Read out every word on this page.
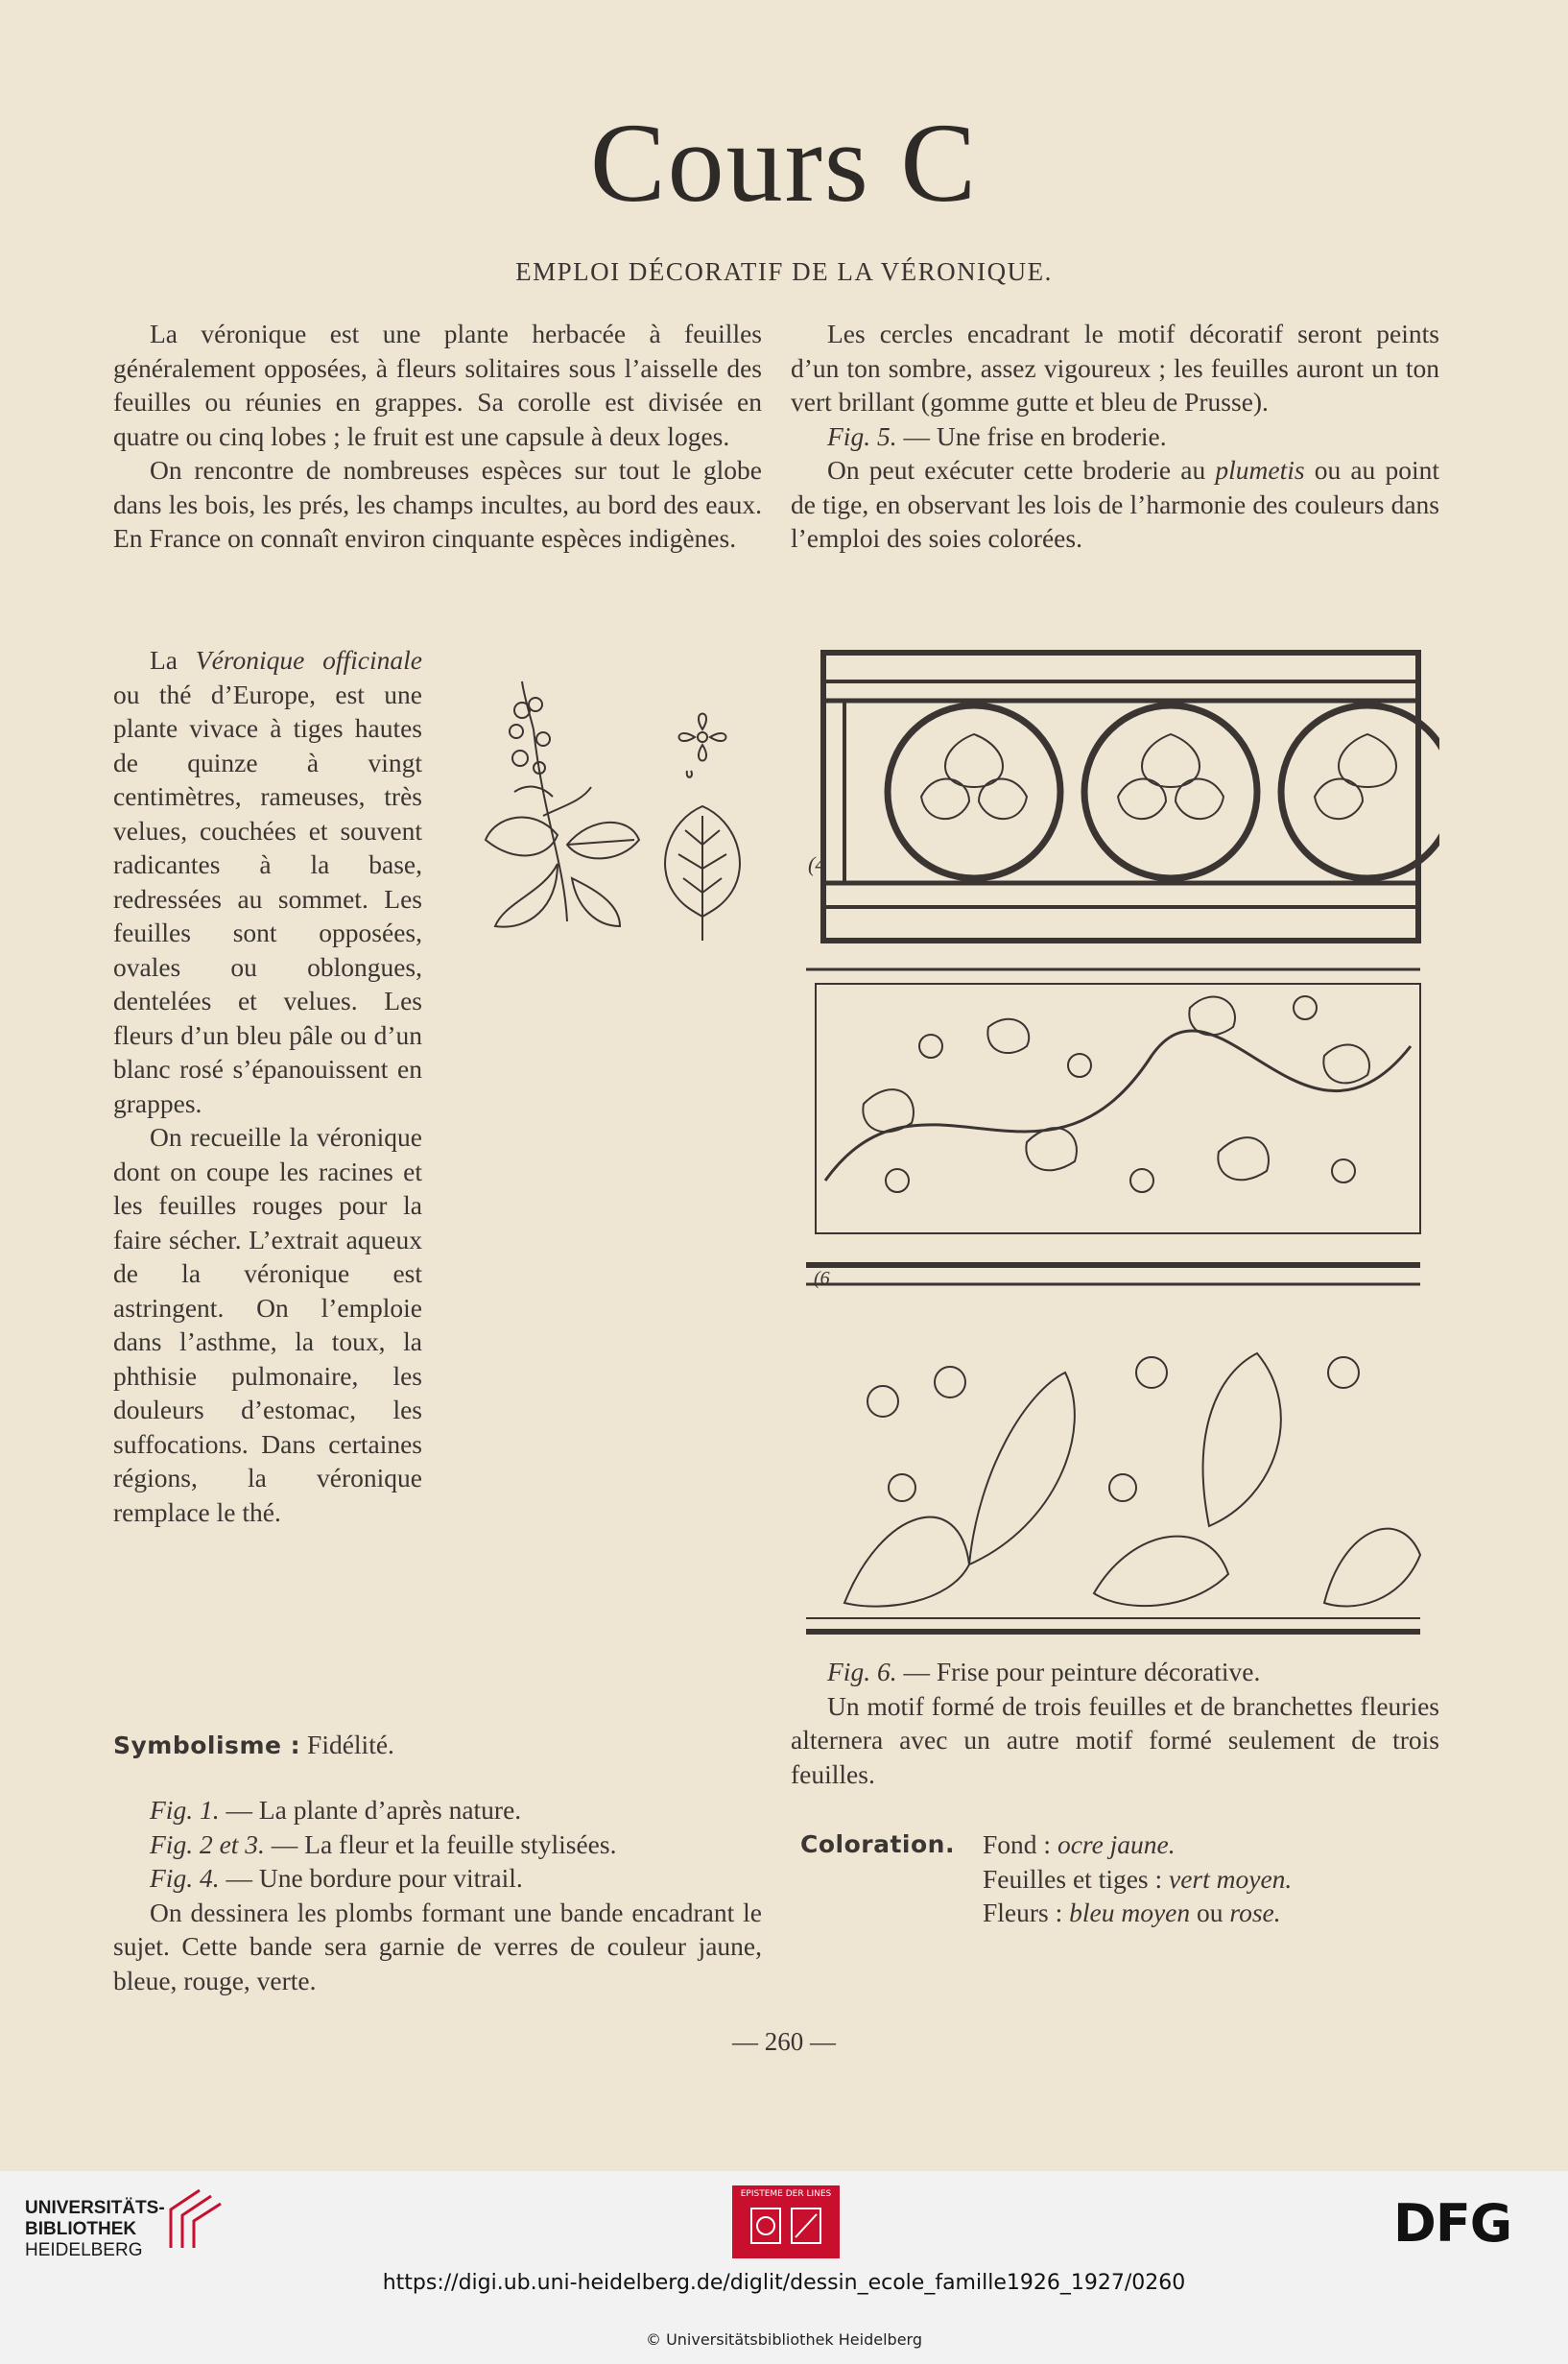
Cours C
EMPLOI DÉCORATIF DE LA VÉRONIQUE.

La véronique est une plante herbacée à feuilles généralement opposées, à fleurs solitaires sous l’aisselle des feuilles ou réunies en grappes. Sa corolle est divisée en quatre ou cinq lobes ; le fruit est une capsule à deux loges.

On rencontre de nombreuses espèces sur tout le globe dans les bois, les prés, les champs incultes, au bord des eaux. En France on connaît environ cinquante espèces indigènes.

La Véronique officinale ou thé d’Europe, est une plante vivace à tiges hautes de quinze à vingt centimètres, rameuses, très velues, couchées et souvent radicantes à la base, redressées au sommet. Les feuilles sont opposées, ovales ou oblongues, dentelées et velues. Les fleurs d’un bleu pâle ou d’un blanc rosé s’épanouissent en grappes.

On recueille la véronique dont on coupe les racines et les feuilles rouges pour la faire sécher. L’extrait aqueux de la véronique est astringent. On l’emploie dans l’asthme, la toux, la phthisie pulmonaire, les douleurs d’estomac, les suffocations. Dans certaines régions, la véronique remplace le thé.

Symbolisme : Fidélité.

Fig. 1. — La plante d’après nature.

Fig. 2 et 3. — La fleur et la feuille stylisées.

Fig. 4. — Une bordure pour vitrail.

On dessinera les plombs formant une bande encadrant le sujet. Cette bande sera garnie de verres de couleur jaune, bleue, rouge, verte.

Les cercles encadrant le motif décoratif seront peints d’un ton sombre, assez vigoureux ; les feuilles auront un ton vert brillant (gomme gutte et bleu de Prusse).

Fig. 5. — Une frise en broderie.

On peut exécuter cette broderie au plumetis ou au point de tige, en observant les lois de l’harmonie des couleurs dans l’emploi des soies colorées.

Fig. 6. — Frise pour peinture décorative.

Un motif formé de trois feuilles et de branchettes fleuries alternera avec un autre motif formé seulement de trois feuilles.

Coloration.	Fond : ocre jaune.
Feuilles et tiges : vert moyen.
Fleurs : bleu moyen ou rose.
(4
(6
— 260 —
UNIVERSITÄTS-
BIBLIOTHEK
HEIDELBERG
EPISTEME DER LINES	DFG
https://digi.ub.uni-heidelberg.de/diglit/dessin_ecole_famille1926_1927/0260
© Universitätsbibliothek Heidelberg
